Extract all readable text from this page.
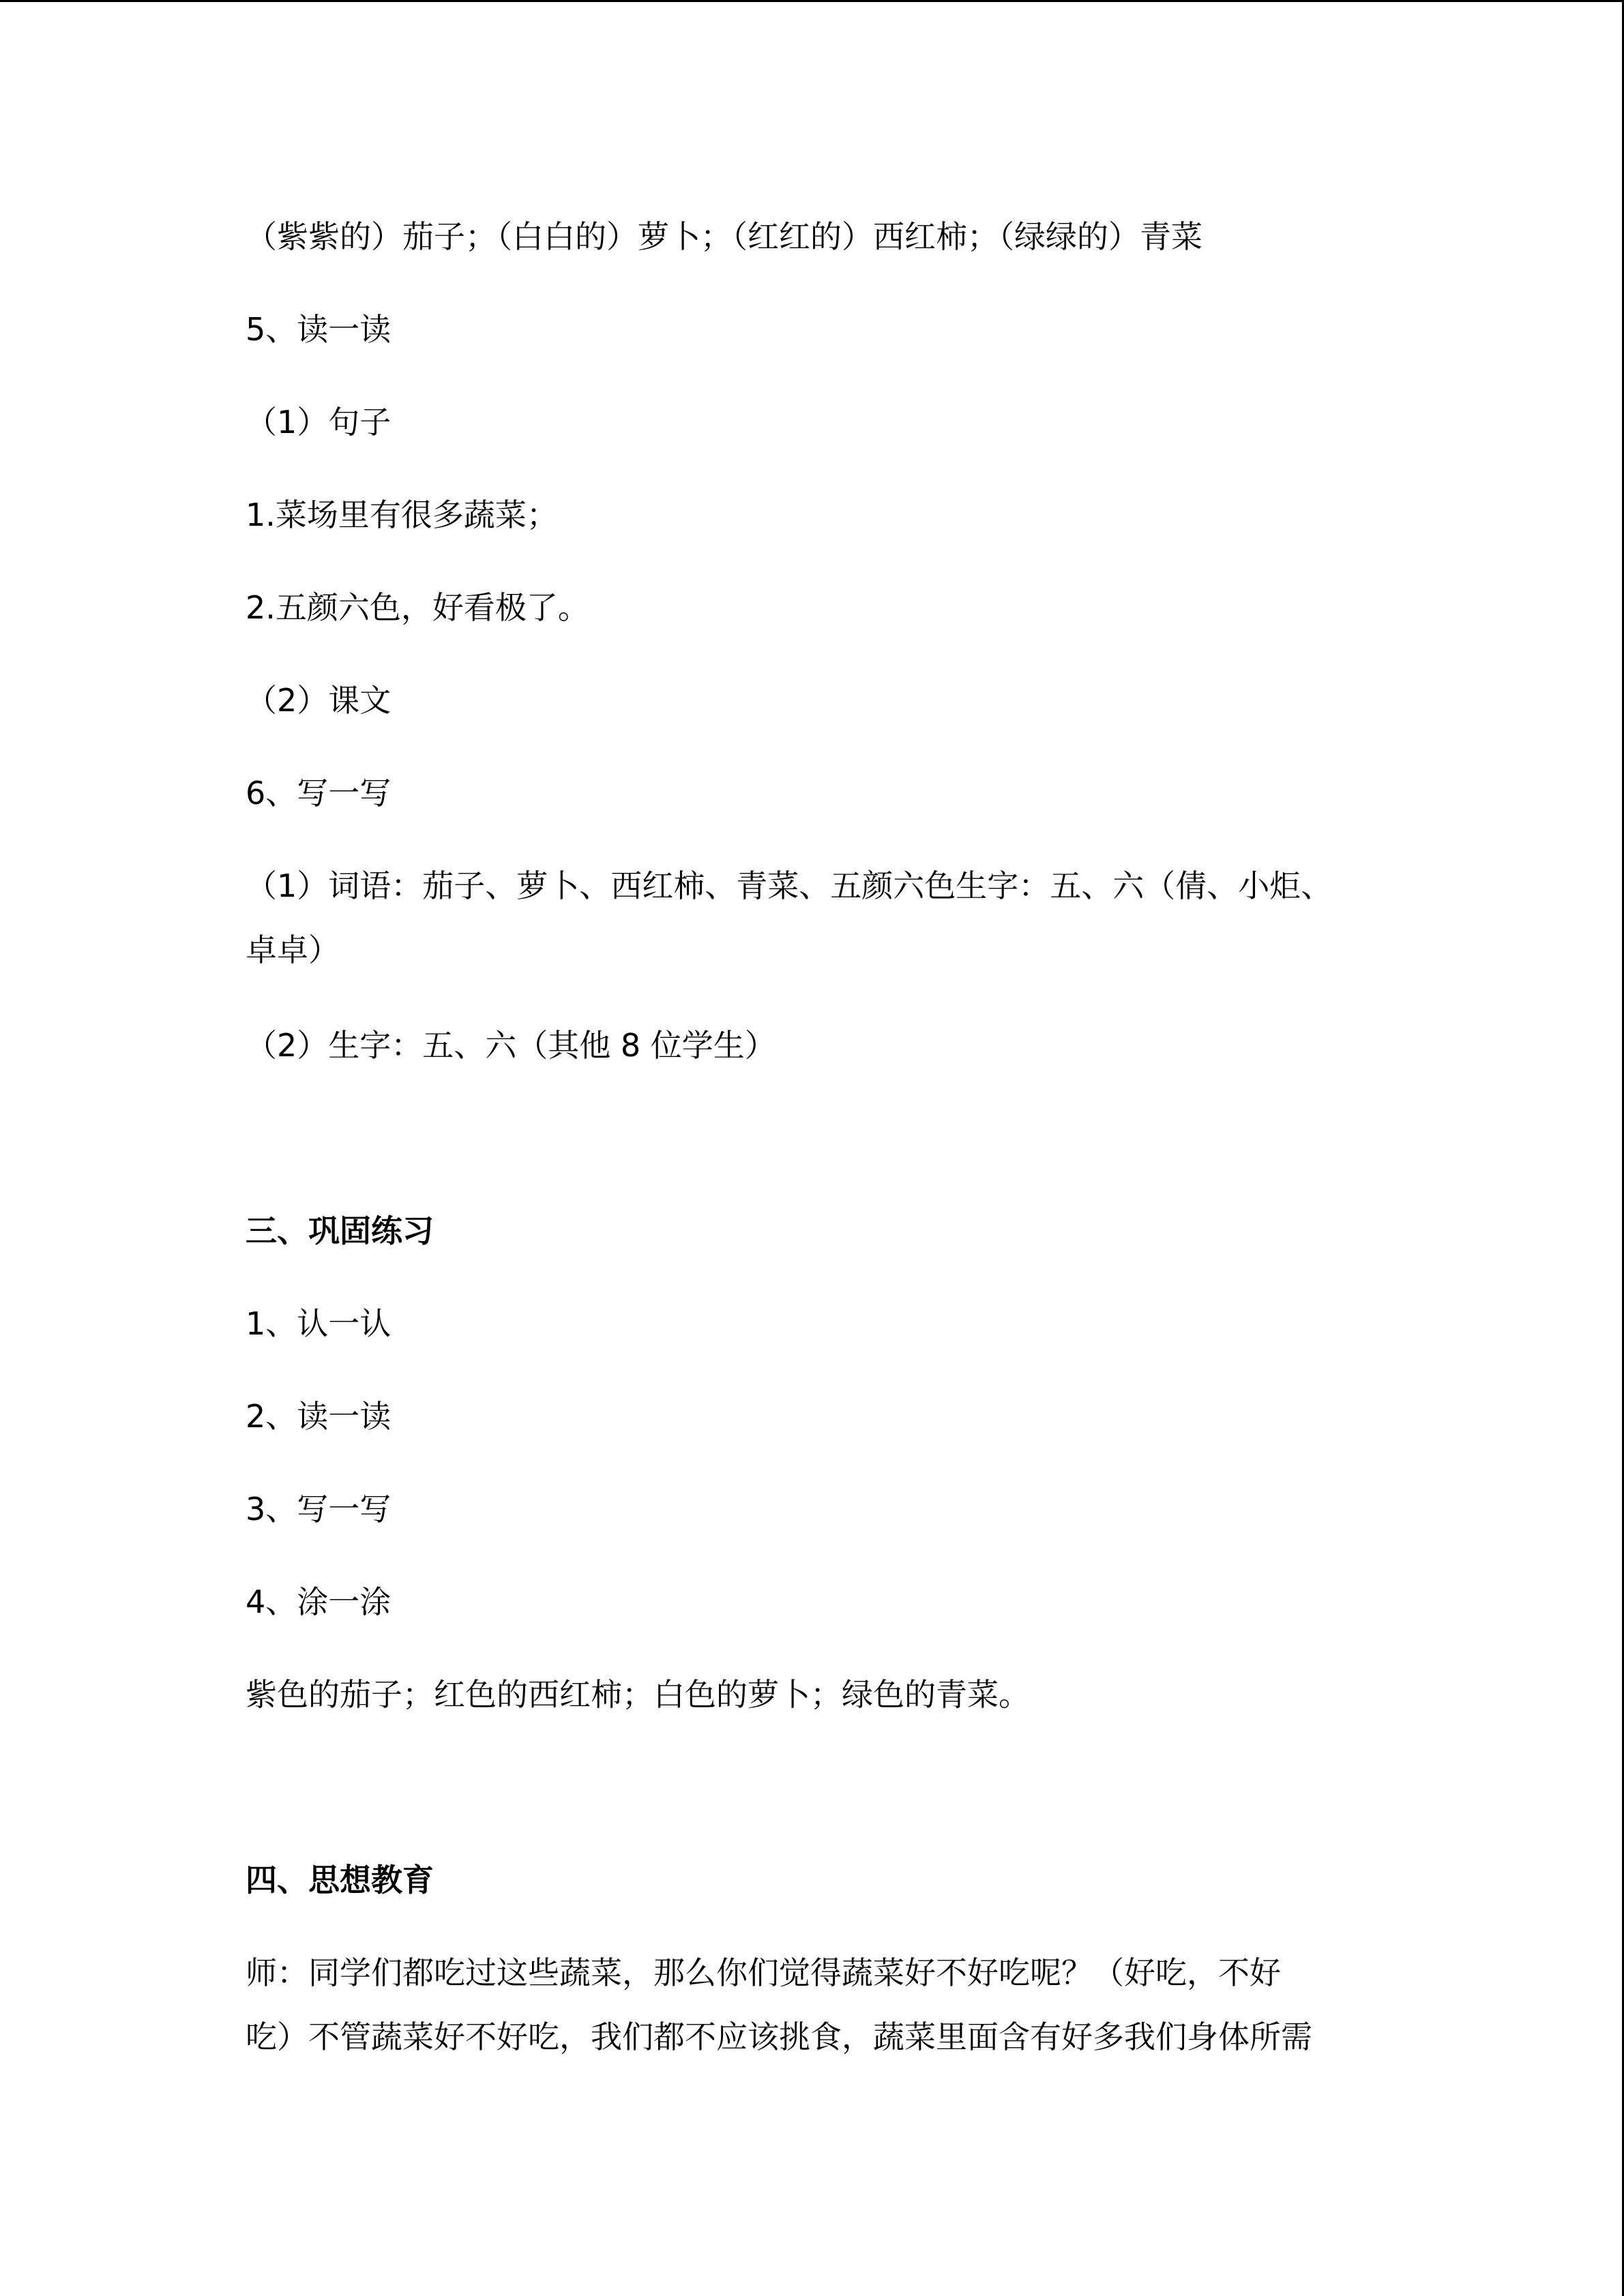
（紫紫的）茄子；（白白的）萝卜；（红红的）西红柿；（绿绿的）青菜
5、读一读
（1）句子
1.菜场里有很多蔬菜；
2.五颜六色，好看极了。
（2）课文
6、写一写
（1）词语：茄子、萝卜、西红柿、青菜、五颜六色生字：五、六（倩、小炬、
卓卓）
（2）生字：五、六（其他 8 位学生）
三、巩固练习
1、认一认
2、读一读
3、写一写
4、涂一涂
紫色的茄子；红色的西红柿；白色的萝卜；绿色的青菜。
四、思想教育
师：同学们都吃过这些蔬菜，那么你们觉得蔬菜好不好吃呢？（好吃，不好
吃）不管蔬菜好不好吃，我们都不应该挑食，蔬菜里面含有好多我们身体所需
